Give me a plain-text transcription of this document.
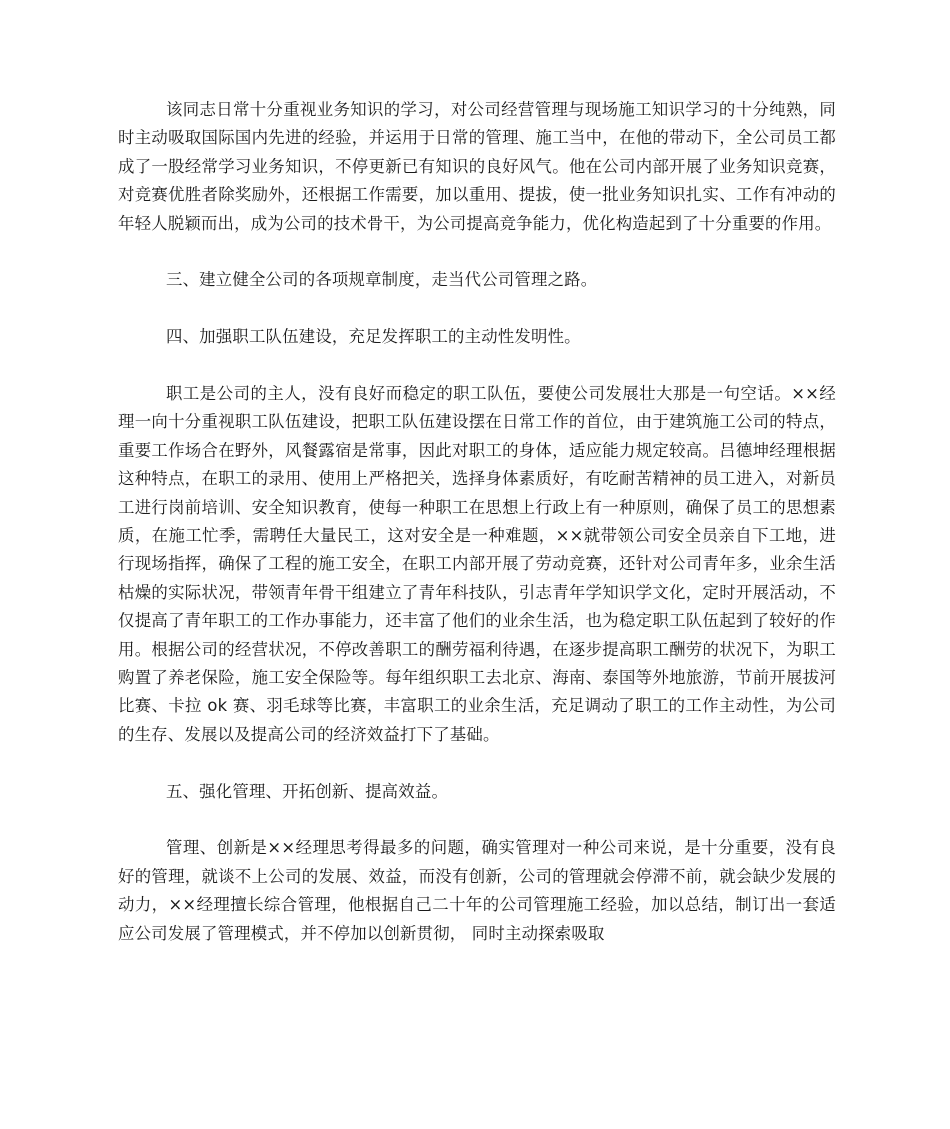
该同志日常十分重视业务知识的学习，对公司经营管理与现场施工知识学习的十分纯熟，同时主动吸取国际国内先进的经验，并运用于日常的管理、施工当中，在他的带动下，全公司员工都成了一股经常学习业务知识，不停更新已有知识的良好风气。他在公司内部开展了业务知识竞赛，对竞赛优胜者除奖励外，还根据工作需要，加以重用、提拔，使一批业务知识扎实、工作有冲动的年轻人脱颖而出，成为公司的技术骨干，为公司提高竞争能力，优化构造起到了十分重要的作用。

三、建立健全公司的各项规章制度，走当代公司管理之路。

四、加强职工队伍建设，充足发挥职工的主动性发明性。

职工是公司的主人，没有良好而稳定的职工队伍，要使公司发展壮大那是一句空话。××经理一向十分重视职工队伍建设，把职工队伍建设摆在日常工作的首位，由于建筑施工公司的特点，重要工作场合在野外，风餐露宿是常事，因此对职工的身体，适应能力规定较高。吕德坤经理根据这种特点，在职工的录用、使用上严格把关，选择身体素质好，有吃耐苦精神的员工进入，对新员工进行岗前培训、安全知识教育，使每一种职工在思想上行政上有一种原则，确保了员工的思想素质，在施工忙季，需聘任大量民工，这对安全是一种难题，××就带领公司安全员亲自下工地，进行现场指挥，确保了工程的施工安全，在职工内部开展了劳动竞赛，还针对公司青年多，业余生活枯燥的实际状况，带领青年骨干组建立了青年科技队，引志青年学知识学文化，定时开展活动，不仅提高了青年职工的工作办事能力，还丰富了他们的业余生活，也为稳定职工队伍起到了较好的作用。根据公司的经营状况，不停改善职工的酬劳福利待遇，在逐步提高职工酬劳的状况下，为职工购置了养老保险，施工安全保险等。每年组织职工去北京、海南、泰国等外地旅游，节前开展拔河比赛、卡拉 ok 赛、羽毛球等比赛，丰富职工的业余生活，充足调动了职工的工作主动性，为公司的生存、发展以及提高公司的经济效益打下了基础。

五、强化管理、开拓创新、提高效益。

管理、创新是××经理思考得最多的问题，确实管理对一种公司来说，是十分重要，没有良好的管理，就谈不上公司的发展、效益，而没有创新，公司的管理就会停滞不前，就会缺少发展的动力，××经理擅长综合管理，他根据自己二十年的公司管理施工经验，加以总结，制订出一套适应公司发展了管理模式，并不停加以创新贯彻， 同时主动探索吸取
